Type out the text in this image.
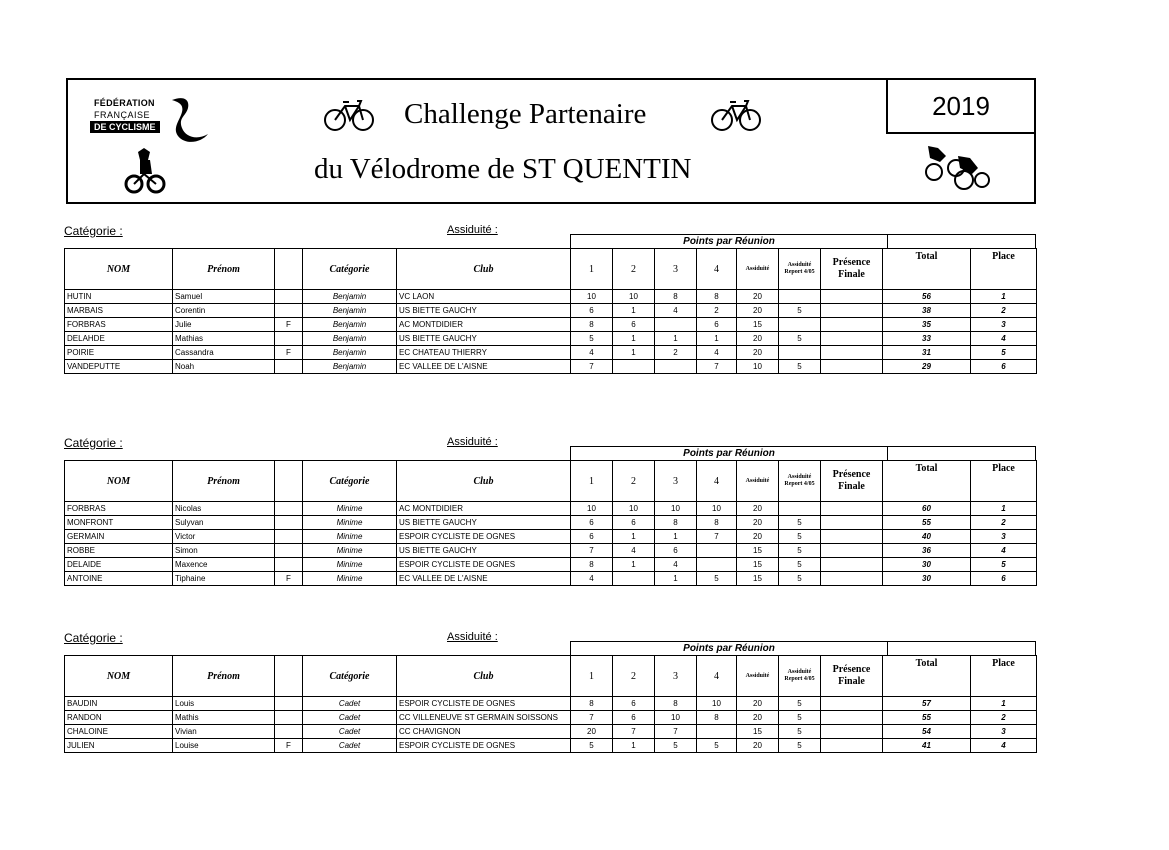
FÉDÉRATION
FRANÇAISE
DE CYCLISME	Challenge Partenaire
du Vélodrome de ST QUENTIN
2019
Catégorie :	Assiduité :
Points par Réunion
NOM	Prénom		Catégorie	Club	1	2	3	4	Assiduité	Assiduité Report 4/05	Présence Finale	Total	Place
HUTIN	Samuel		Benjamin	VC LAON	10	10	8	8	20			56	1
MARBAIS	Corentin		Benjamin	US BIETTE GAUCHY	6	1	4	2	20	5		38	2
FORBRAS	Julie	F	Benjamin	AC MONTDIDIER	8	6		6	15			35	3
DELAHDE	Mathias		Benjamin	US BIETTE GAUCHY	5	1	1	1	20	5		33	4
POIRIE	Cassandra	F	Benjamin	EC CHATEAU THIERRY	4	1	2	4	20			31	5
VANDEPUTTE	Noah		Benjamin	EC VALLEE DE L'AISNE	7			7	10	5		29	6
Catégorie :	Assiduité :
Points par Réunion
NOM	Prénom		Catégorie	Club	1	2	3	4	Assiduité	Assiduité Report 4/05	Présence Finale	Total	Place
FORBRAS	Nicolas		Minime	AC MONTDIDIER	10	10	10	10	20			60	1
MONFRONT	Sulyvan		Minime	US BIETTE GAUCHY	6	6	8	8	20	5		55	2
GERMAIN	Victor		Minime	ESPOIR CYCLISTE DE OGNES	6	1	1	7	20	5		40	3
ROBBE	Simon		Minime	US BIETTE GAUCHY	7	4	6		15	5		36	4
DELAIDE	Maxence		Minime	ESPOIR CYCLISTE DE OGNES	8	1	4		15	5		30	5
ANTOINE	Tiphaine	F	Minime	EC VALLEE DE L'AISNE	4		1	5	15	5		30	6
Catégorie :	Assiduité :
Points par Réunion
NOM	Prénom		Catégorie	Club	1	2	3	4	Assiduité	Assiduité Report 4/05	Présence Finale	Total	Place
BAUDIN	Louis		Cadet	ESPOIR CYCLISTE DE OGNES	8	6	8	10	20	5		57	1
RANDON	Mathis		Cadet	CC VILLENEUVE ST GERMAIN SOISSONS	7	6	10	8	20	5		55	2
CHALOINE	Vivian		Cadet	CC CHAVIGNON	20	7	7		15	5		54	3
JULIEN	Louise	F	Cadet	ESPOIR CYCLISTE DE OGNES	5	1	5	5	20	5		41	4
